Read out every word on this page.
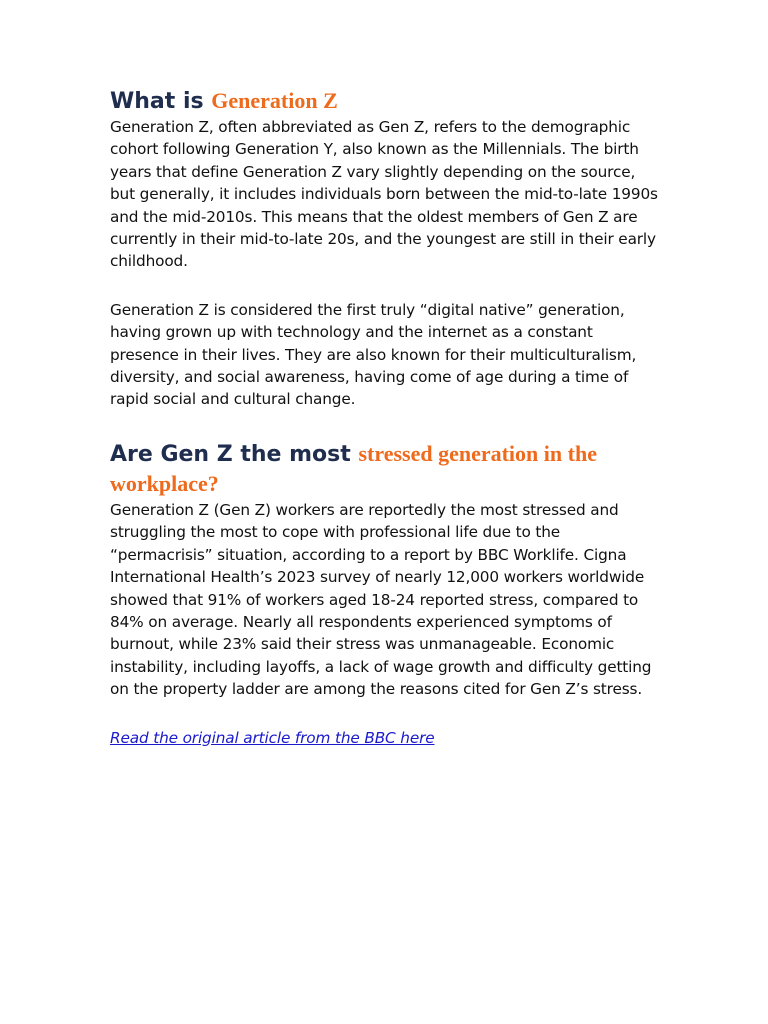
What is Generation Z

Generation Z, often abbreviated as Gen Z, refers to the demographic cohort following Generation Y, also known as the Millennials. The birth years that define Generation Z vary slightly depending on the source, but generally, it includes individuals born between the mid-to-late 1990s and the mid-2010s. This means that the oldest members of Gen Z are currently in their mid-to-late 20s, and the youngest are still in their early childhood.

Generation Z is considered the first truly “digital native” generation, having grown up with technology and the internet as a constant presence in their lives. They are also known for their multiculturalism, diversity, and social awareness, having come of age during a time of rapid social and cultural change.

Are Gen Z the most stressed generation in the workplace?

Generation Z (Gen Z) workers are reportedly the most stressed and struggling the most to cope with professional life due to the “permacrisis” situation, according to a report by BBC Worklife. Cigna International Health’s 2023 survey of nearly 12,000 workers worldwide showed that 91% of workers aged 18-24 reported stress, compared to 84% on average. Nearly all respondents experienced symptoms of burnout, while 23% said their stress was unmanageable. Economic instability, including layoffs, a lack of wage growth and difficulty getting on the property ladder are among the reasons cited for Gen Z’s stress.

Read the original article from the BBC here
